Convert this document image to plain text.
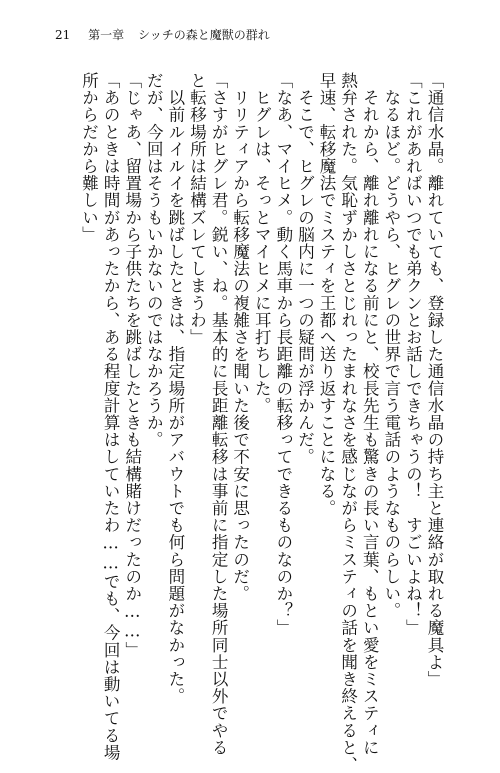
21 第一章 シッチの森と魔獣の群れ

「通信水晶。離れていても、登録した通信水晶の持ち主と連絡が取れる魔具よ」

「これがあればいつでも弟クンとお話しできちゃうの！　すごいよね！」

　なるほど。どうやら、ヒグレの世界で言う電話のようなものらしい。

　それから、離れ離れになる前にと、校長先生も驚きの長い言葉、もとい愛をミスティに

熱弁された。気恥ずかしさとじれったまれなさを感じながらミスティの話を聞き終えると、

早速、転移魔法でミスティを王都へ送り返すことになる。

　そこで、ヒグレの脳内に一つの疑問が浮かんだ。

「なあ、マイヒメ。動く馬車から長距離の転移ってできるものなのか？」

　ヒグレは、そっとマイヒメに耳打ちした。

　リリティアから転移魔法の複雑さを聞いた後で不安に思ったのだ。

「さすがヒグレ君。鋭い、ね。基本的に長距離転移は事前に指定した場所同士以外でやる

と転移場所は結構ズレてしまうわ」

　以前ルイルイを跳ばしたときは、指定場所がアバウトでも何ら問題がなかった。

だが、今回はそうもいかないのではなかろうか。

「じゃあ、留置場から子供たちを跳ばしたときも結構賭けだったのか……」

「あのときは時間があったから、ある程度計算はしていたわ……でも、今回は動いてる場

所からだから難しい」
